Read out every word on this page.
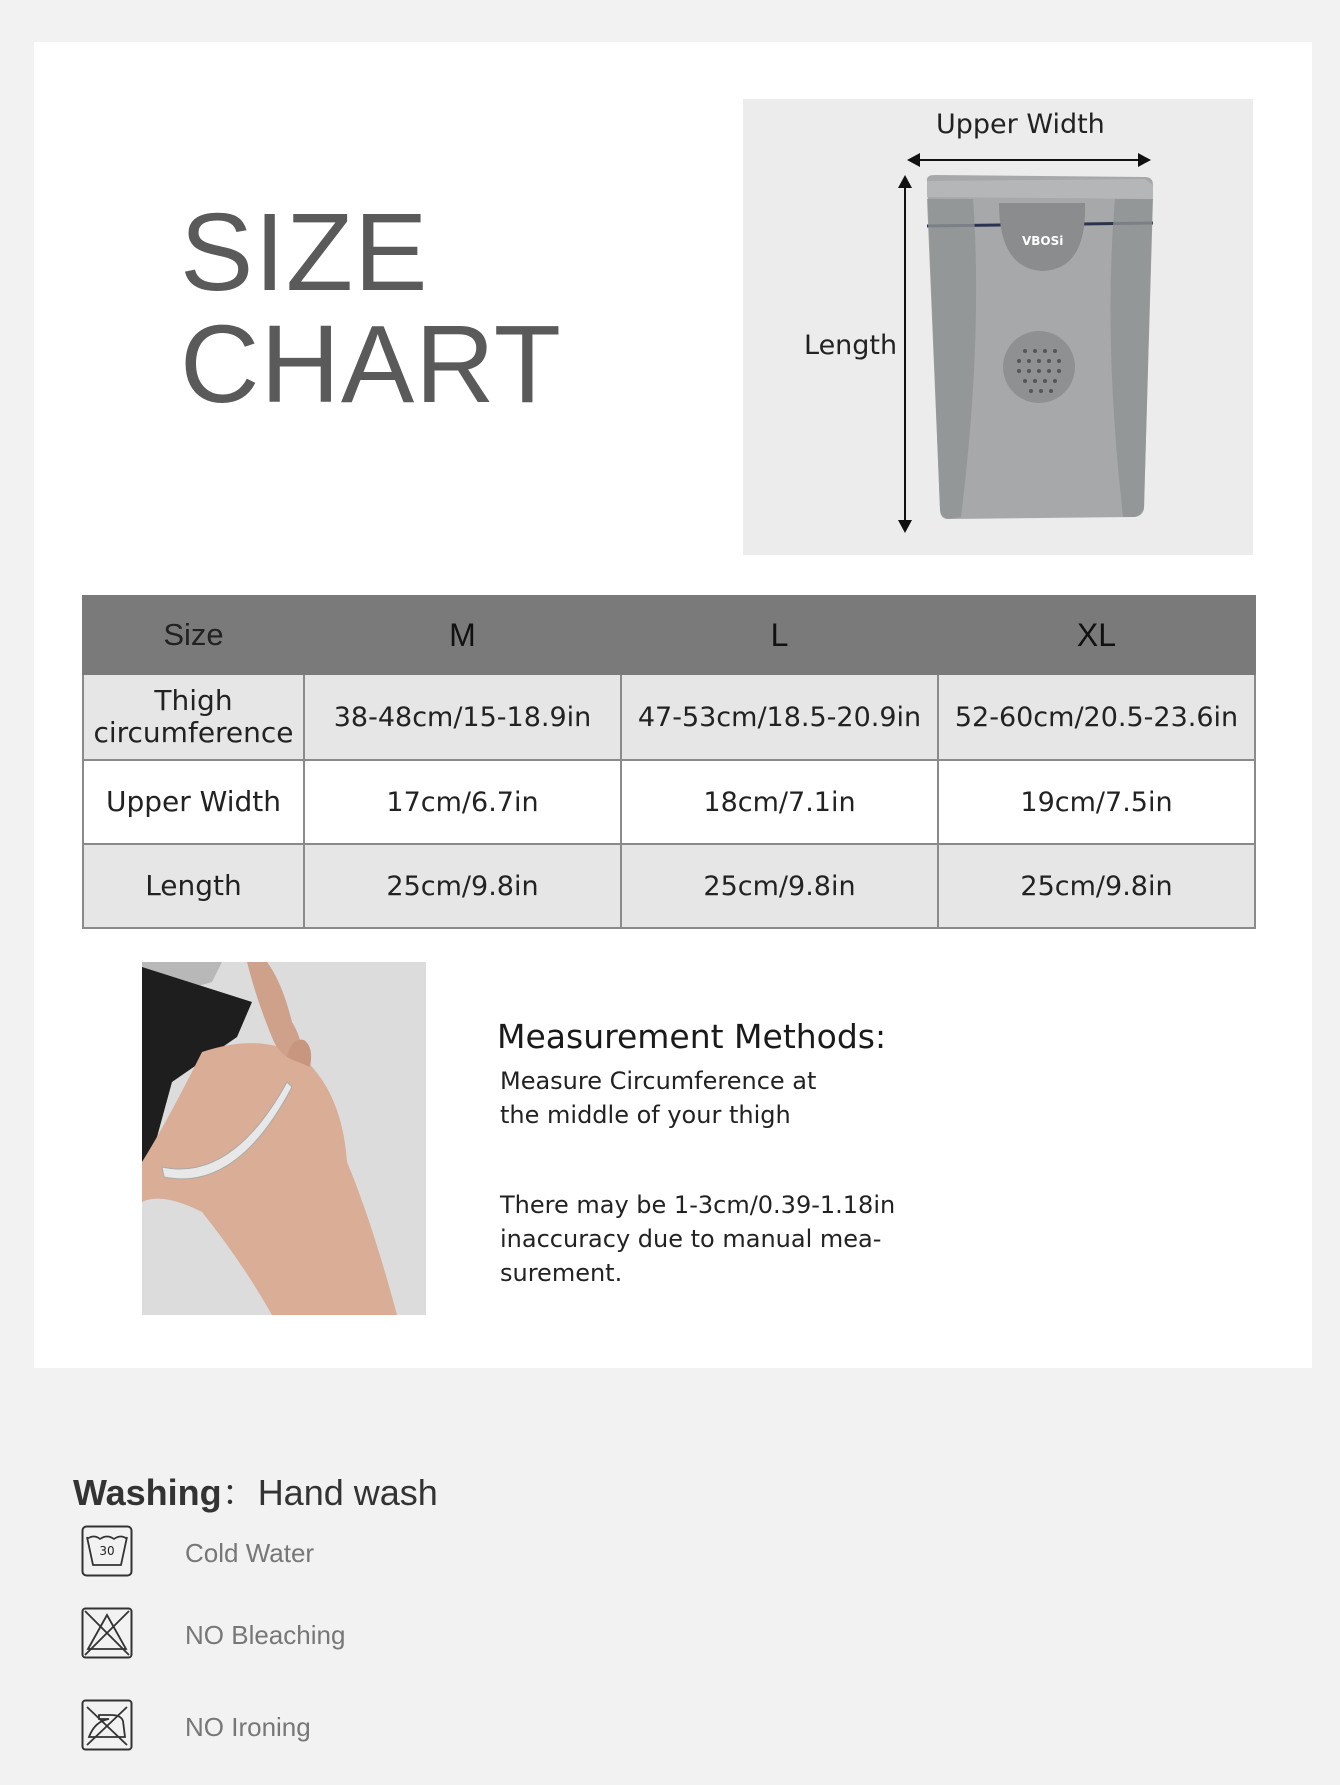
SIZE
CHART
Upper Width
Length
VBOSi
Measurement Methods:
Measure Circumference at
the middle of your thigh
There may be 1-3cm/0.39-1.18in
inaccuracy due to manual mea-
surement.
Size	M	L	XL

Thigh
circumference	38-48cm/15-18.9in	47-53cm/18.5-20.9in	52-60cm/20.5-23.6in
Upper Width	17cm/6.7in	18cm/7.1in	19cm/7.5in
Length	25cm/9.8in	25cm/9.8in	25cm/9.8in
Washing：Hand wash
30	Cold Water
NO Bleaching
NO Ironing
